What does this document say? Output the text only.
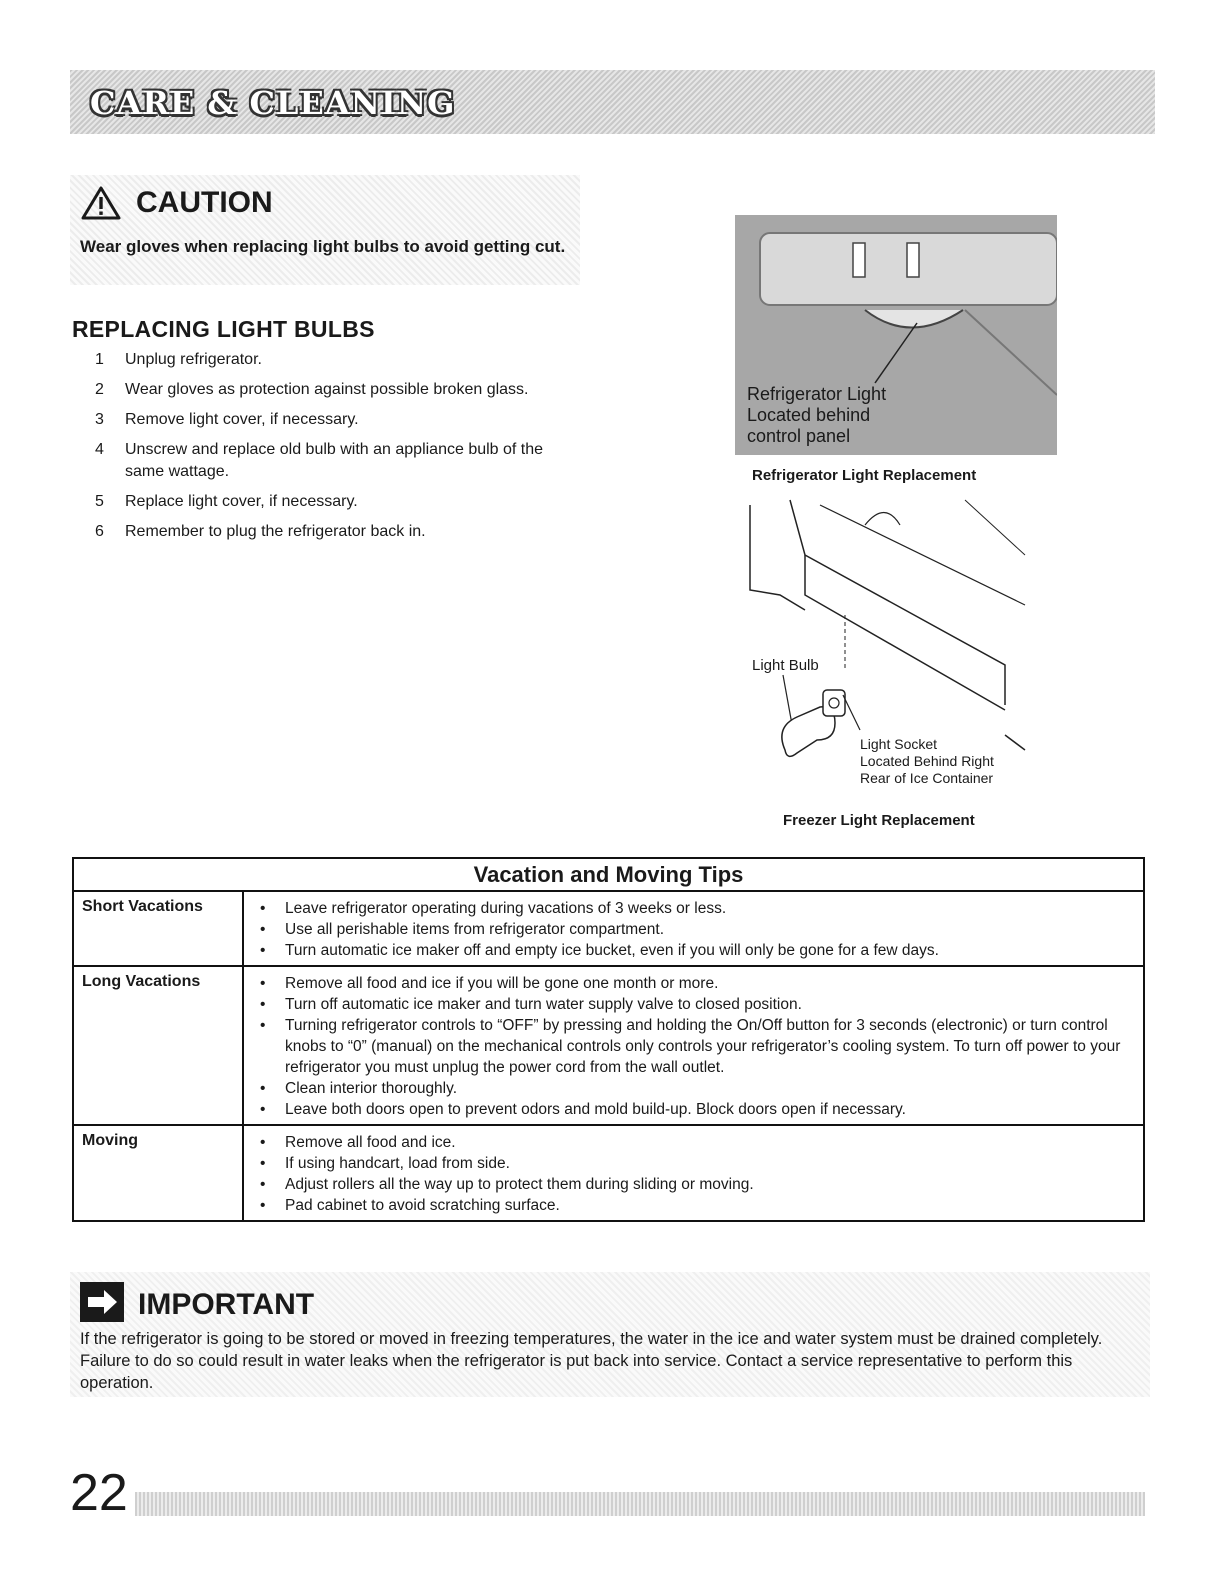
CARE & CLEANING
CAUTION
Wear gloves when replacing light bulbs to avoid getting cut.
REPLACING LIGHT BULBS
1	Unplug refrigerator.
2	Wear gloves as protection against possible broken glass.
3	Remove light cover, if necessary.
4	Unscrew and replace old bulb with an appliance bulb of the same wattage.
5	Replace light cover, if necessary.
6	Remember to plug the refrigerator back in.
Refrigerator Light
Located behind
control panel
Refrigerator Light Replacement
Light Bulb
Light Socket
Located Behind Right
Rear of Ice Container
Freezer Light Replacement
Vacation and Moving Tips
Short Vacations	• Leave refrigerator operating during vacations of 3 weeks or less.
• Use all perishable items from refrigerator compartment.
• Turn automatic ice maker off and empty ice bucket, even if you will only be gone for a few days.
Long Vacations	• Remove all food and ice if you will be gone one month or more.
• Turn off automatic ice maker and turn water supply valve to closed position.
• Turning refrigerator controls to “OFF” by pressing and holding the On/Off button for 3 seconds (electronic) or turn control knobs to “0” (manual) on the mechanical controls only controls your refrigerator’s cooling system. To turn off power to your refrigerator you must unplug the power cord from the wall outlet.
• Clean interior thoroughly.
• Leave both doors open to prevent odors and mold build-up. Block doors open if necessary.
Moving	• Remove all food and ice.
• If using handcart, load from side.
• Adjust rollers all the way up to protect them during sliding or moving.
• Pad cabinet to avoid scratching surface.
IMPORTANT
If the refrigerator is going to be stored or moved in freezing temperatures, the water in the ice and water system must be drained completely. Failure to do so could result in water leaks when the refrigerator is put back into service. Contact a service representative to perform this operation.
22
